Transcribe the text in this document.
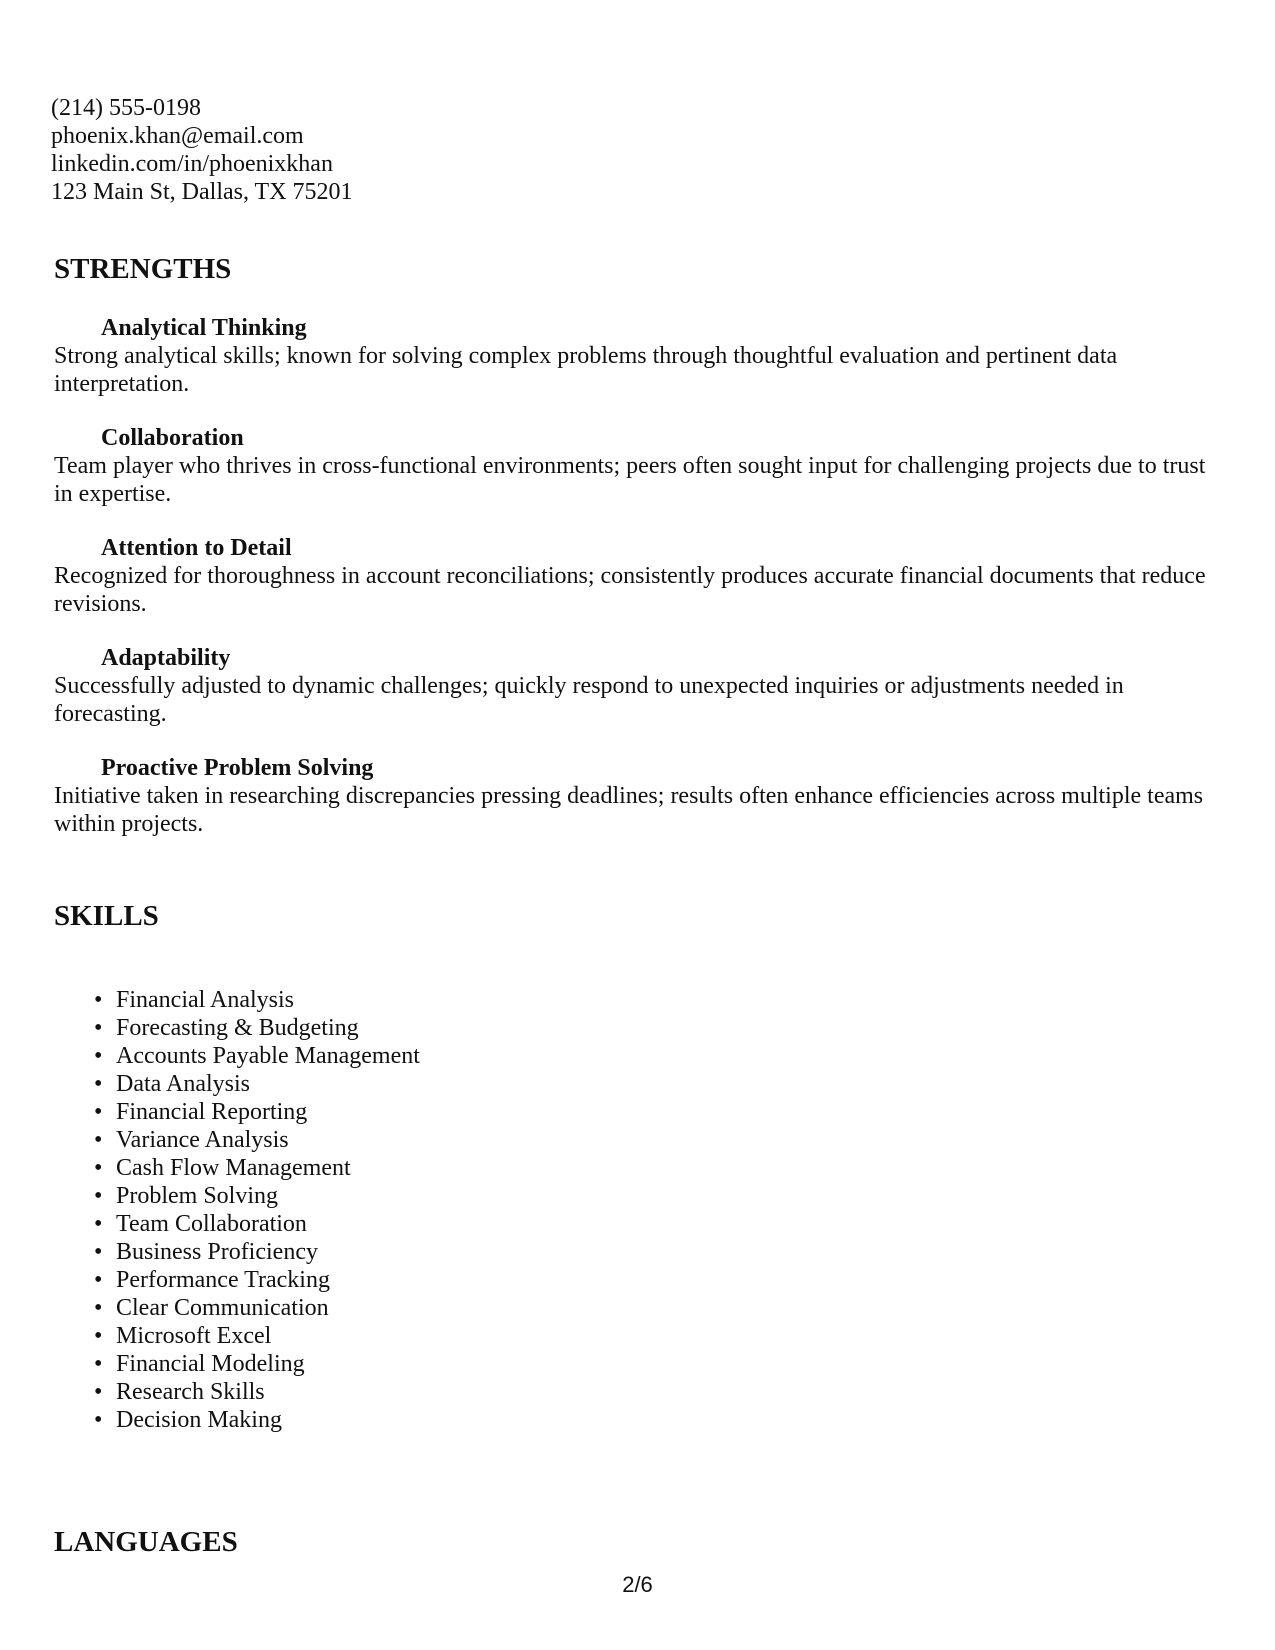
(214) 555-0198
phoenix.khan@email.com
linkedin.com/in/phoenixkhan
123 Main St, Dallas, TX 75201
STRENGTHS
Analytical Thinking
Strong analytical skills; known for solving complex problems through thoughtful evaluation and pertinent data interpretation.
Collaboration
Team player who thrives in cross-functional environments; peers often sought input for challenging projects due to trust in expertise.
Attention to Detail
Recognized for thoroughness in account reconciliations; consistently produces accurate financial documents that reduce revisions.
Adaptability
Successfully adjusted to dynamic challenges; quickly respond to unexpected inquiries or adjustments needed in forecasting.
Proactive Problem Solving
Initiative taken in researching discrepancies pressing deadlines; results often enhance efficiencies across multiple teams within projects.
SKILLS
• Financial Analysis
• Forecasting & Budgeting
• Accounts Payable Management
• Data Analysis
• Financial Reporting
• Variance Analysis
• Cash Flow Management
• Problem Solving
• Team Collaboration
• Business Proficiency
• Performance Tracking
• Clear Communication
• Microsoft Excel
• Financial Modeling
• Research Skills
• Decision Making
LANGUAGES
2/6
